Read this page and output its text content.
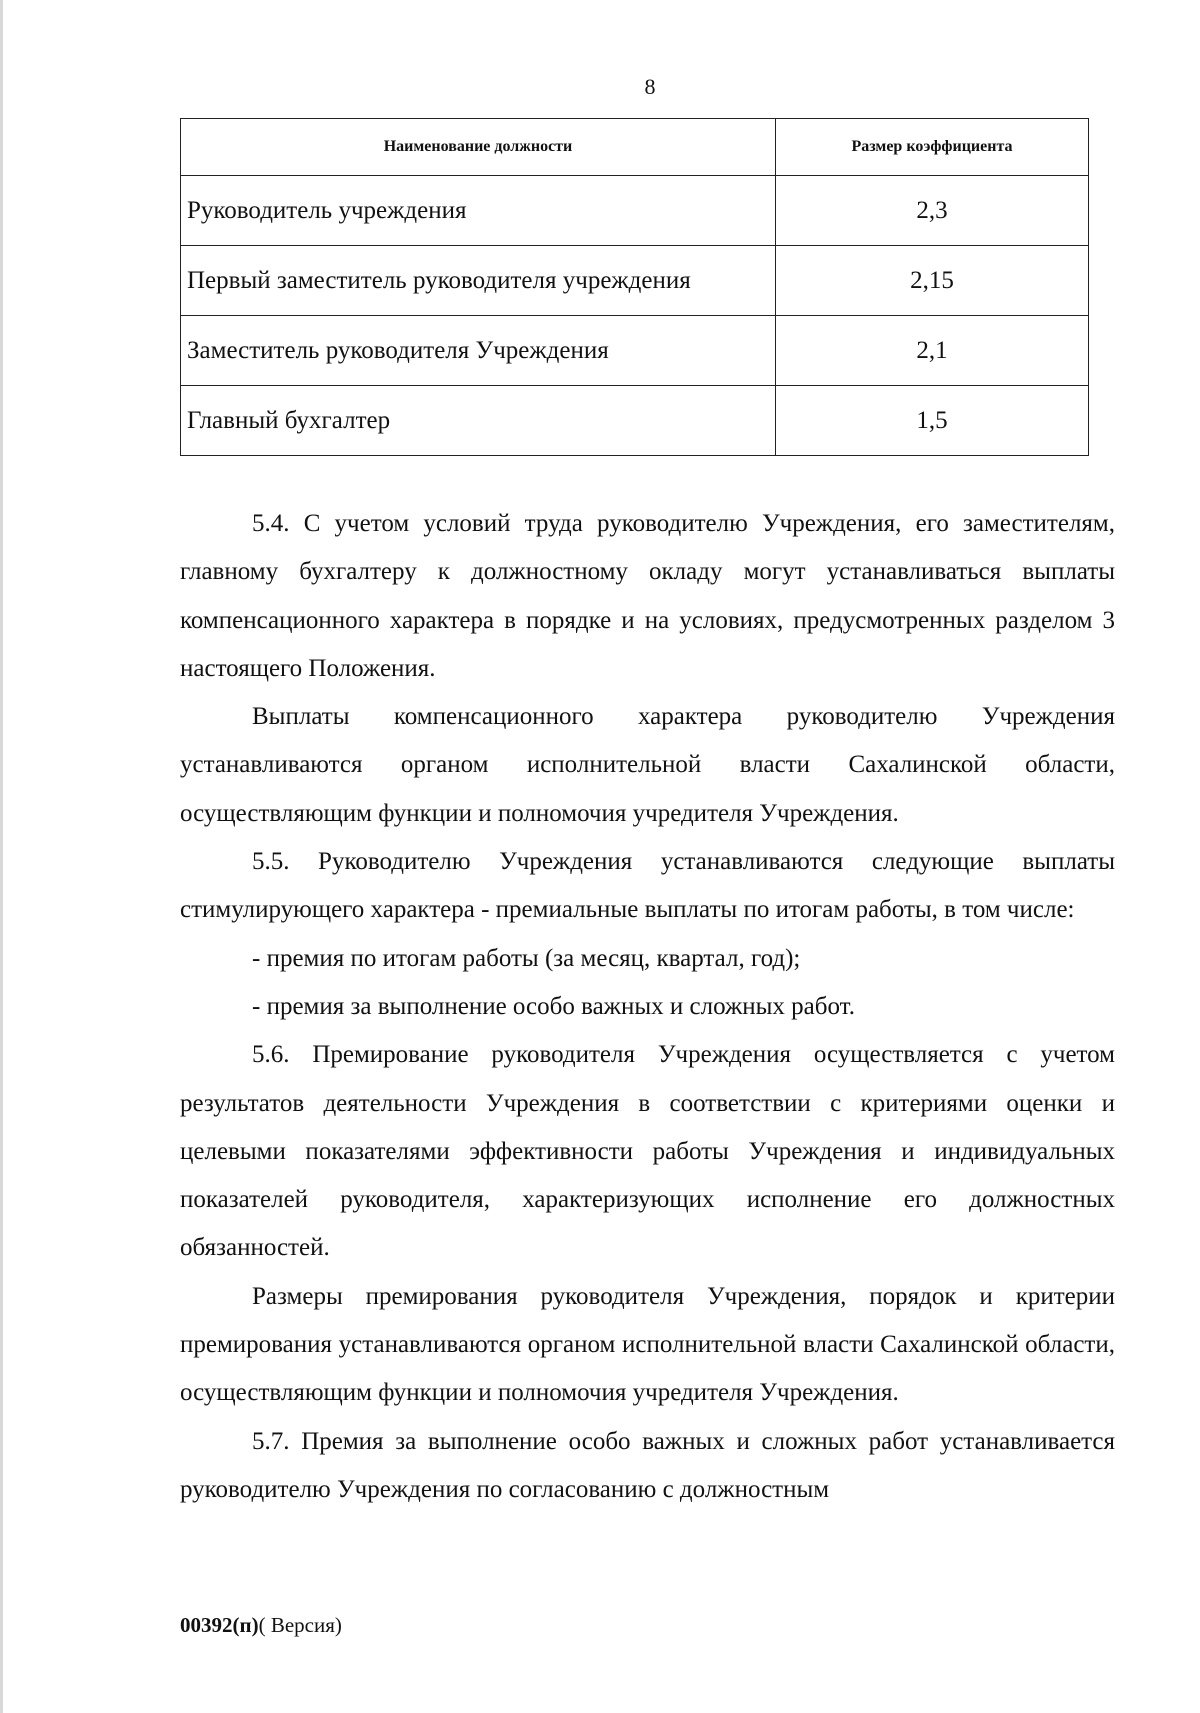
8
Наименование должности	Размер коэффициента
Руководитель учреждения	2,3
Первый заместитель руководителя учреждения	2,15
Заместитель руководителя Учреждения	2,1
Главный бухгалтер	1,5

5.4. С учетом условий труда руководителю Учреждения, его заместителям, главному бухгалтеру к должностному окладу могут устанавливаться выплаты компенсационного характера в порядке и на условиях, предусмотренных разделом 3 настоящего Положения.

Выплаты компенсационного характера руководителю Учреждения устанавливаются органом исполнительной власти Сахалинской области, осуществляющим функции и полномочия учредителя Учреждения.

5.5. Руководителю Учреждения устанавливаются следующие выплаты стимулирующего характера - премиальные выплаты по итогам работы, в том числе:

- премия по итогам работы (за месяц, квартал, год);

- премия за выполнение особо важных и сложных работ.

5.6. Премирование руководителя Учреждения осуществляется с учетом результатов деятельности Учреждения в соответствии с критериями оценки и целевыми показателями эффективности работы Учреждения и индивидуальных показателей руководителя, характеризующих исполнение его должностных обязанностей.

Размеры премирования руководителя Учреждения, порядок и критерии премирования устанавливаются органом исполнительной власти Сахалинской области, осуществляющим функции и полномочия учредителя Учреждения.

5.7. Премия за выполнение особо важных и сложных работ устанавливается руководителю Учреждения по согласованию с должностным

00392(п)( Версия)
